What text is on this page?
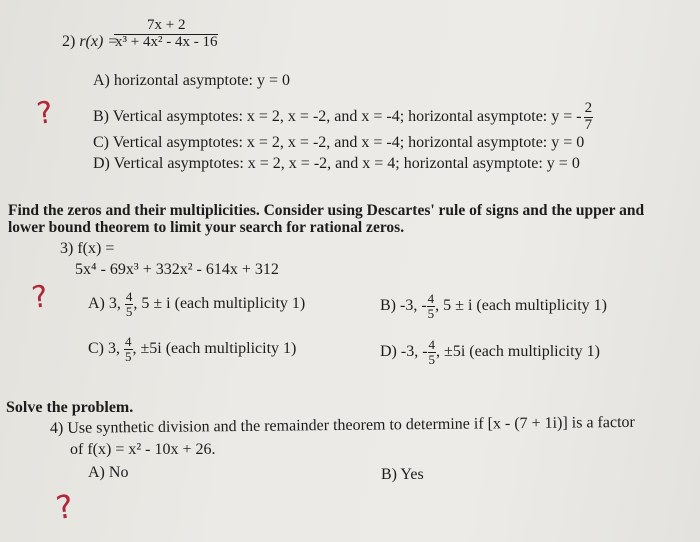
2) r(x) =
$\frac{7x + 2}{\text{x³ + 4x² - 4x - 16}}$
A) horizontal asymptote: y = 0
? B) Vertical asymptotes: x = 2, x = -2, and x = -4; horizontal asymptote: y = - $\frac{2}{7}$
C) Vertical asymptotes: x = 2, x = -2, and x = -4; horizontal asymptote: y = 0
D) Vertical asymptotes: x = 2, x = -2, and x = 4; horizontal asymptote: y = 0
Find the zeros and their multiplicities. Consider using Descartes' rule of signs and the upper and
lower bound theorem to limit your search for rational zeros.
3) f(x) =
5x⁴ - 69x³ + 332x² - 614x + 312
? A) 3, $\frac{4}{5}$ , 5 ± i (each multiplicity 1)	B) -3, - $\frac{4}{5}$ , 5 ± i (each multiplicity 1)
C) 3, $\frac{4}{5}$ , ±5i (each multiplicity 1)	D) -3, - $\frac{4}{5}$ , ±5i (each multiplicity 1)
Solve the problem.
4) Use synthetic division and the remainder theorem to determine if [x - (7 + 1i)] is a factor
of f(x) = x² - 10x + 26.
A) No	B) Yes
?
